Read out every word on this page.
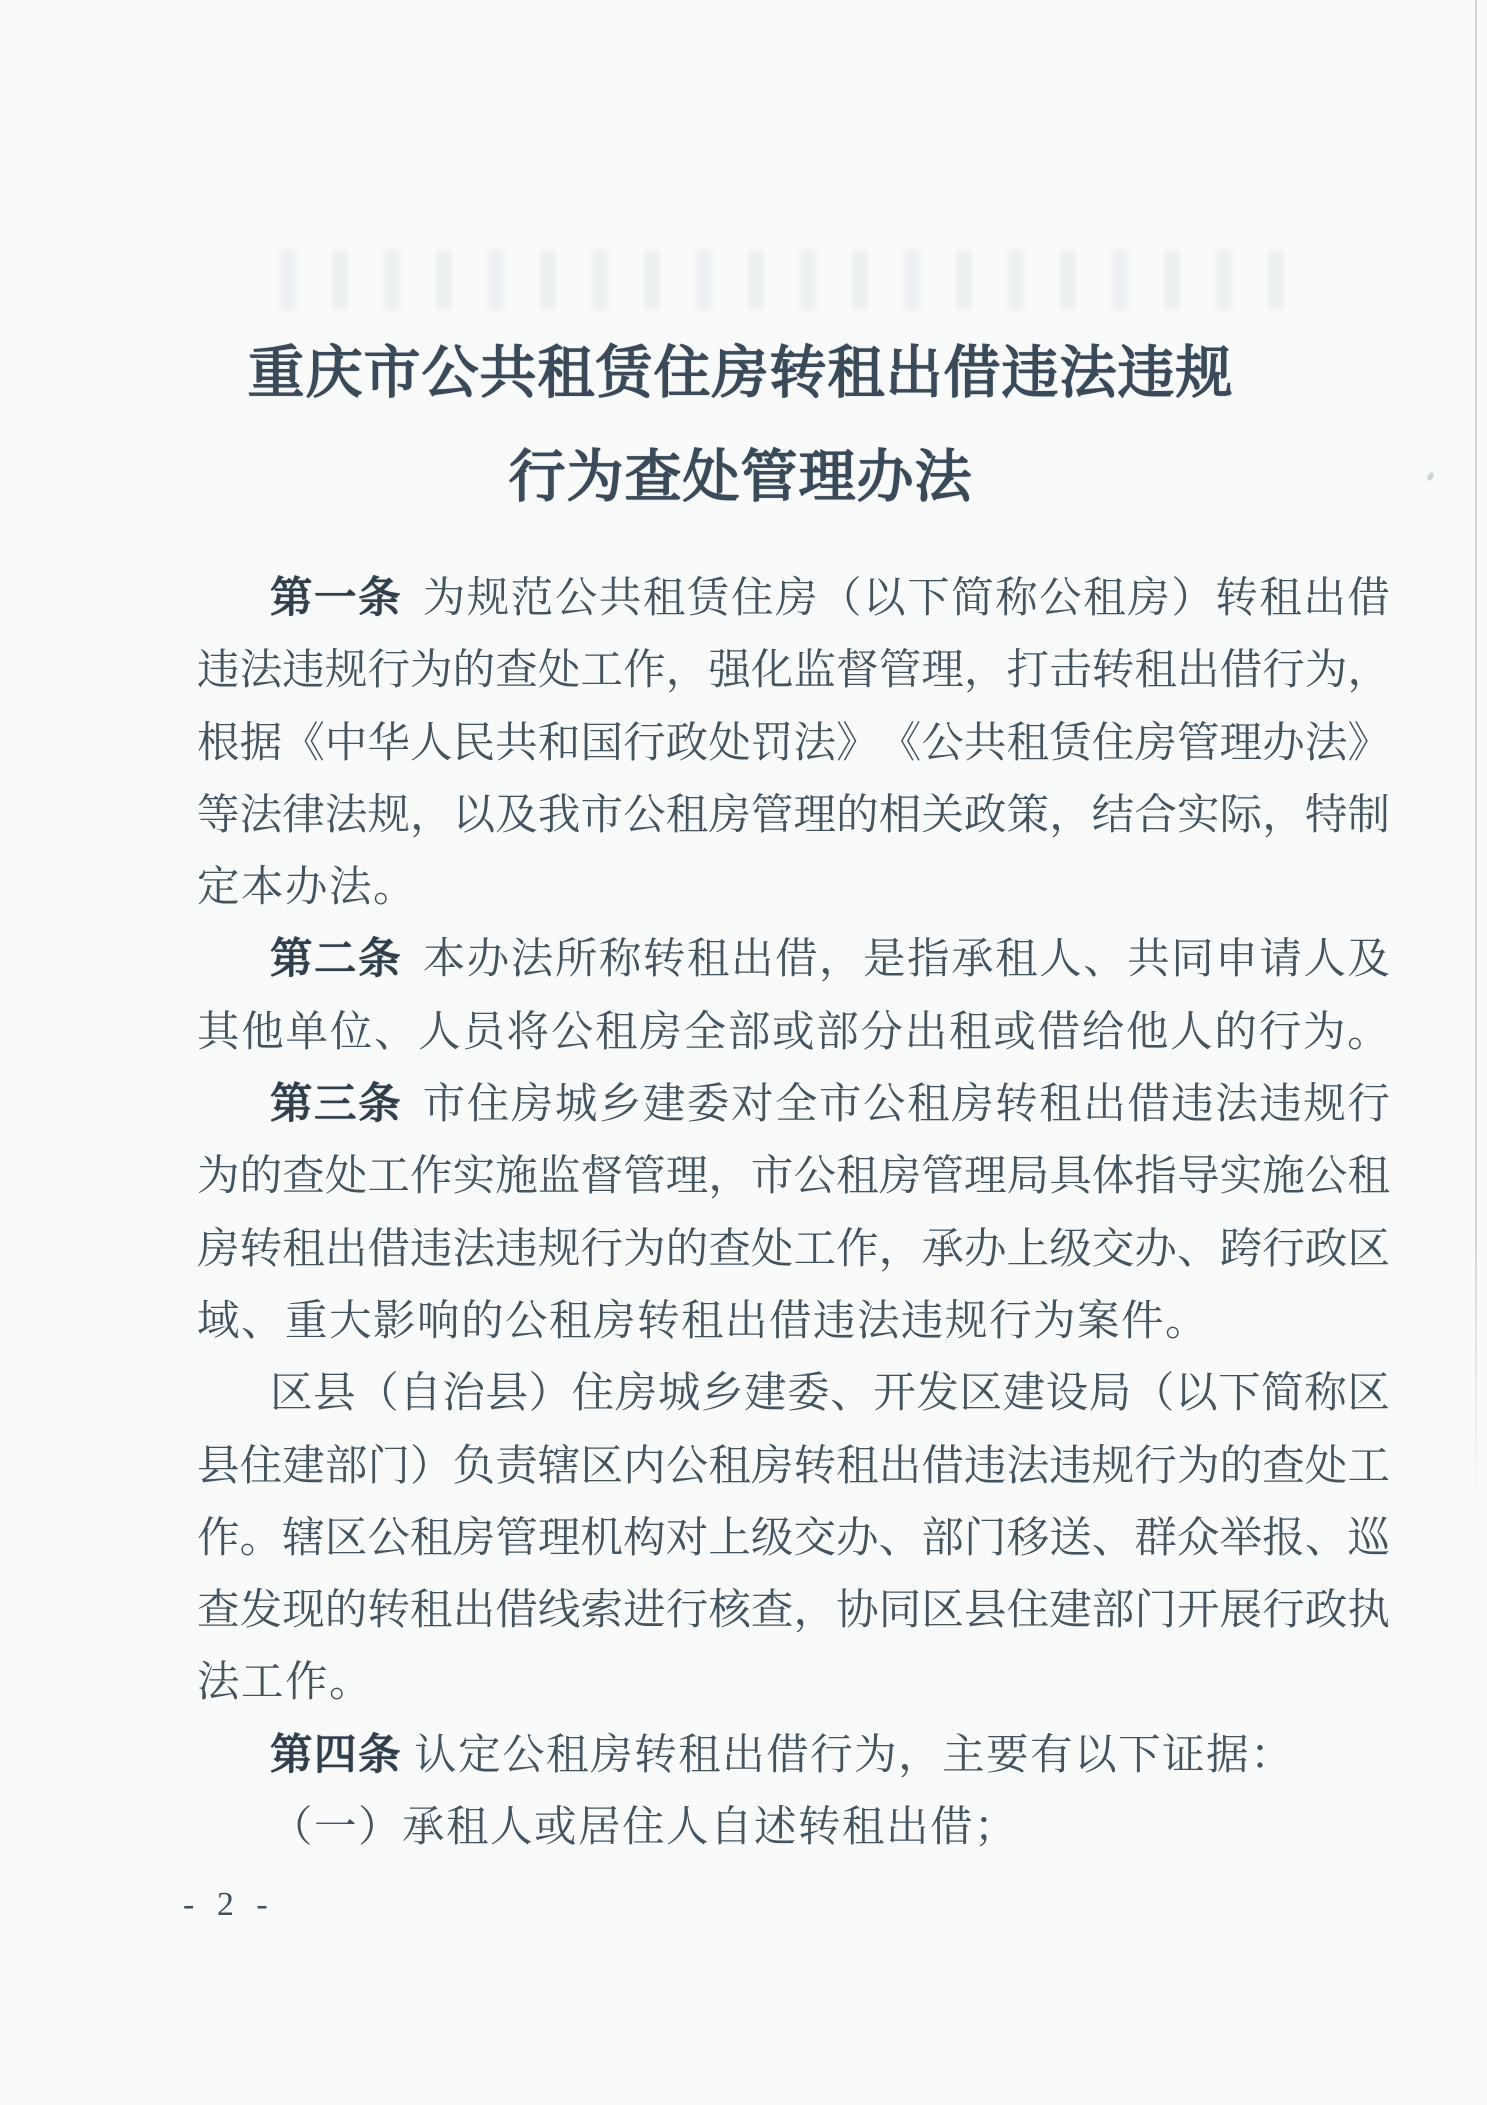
重庆市公共租赁住房转租出借违法违规
行为查处管理办法
第 一 条 为 规 范 公 共 租 赁 住 房 （ 以 下 简 称 公 租 房 ） 转 租 出 借
违 法 违 规 行 为 的 查 处 工 作 ， 强 化 监 督 管 理 ， 打 击 转 租 出 借 行 为 ，
根 据 《 中 华 人 民 共 和 国 行 政 处 罚 法 》 《 公 共 租 赁 住 房 管 理 办 法 》
等 法 律 法 规 ， 以 及 我 市 公 租 房 管 理 的 相 关 政 策 ， 结 合 实 际 ， 特 制
定本办法。
第 二 条 本 办 法 所 称 转 租 出 借 ， 是 指 承 租 人 、 共 同 申 请 人 及
其 他 单 位 、 人 员 将 公 租 房 全 部 或 部 分 出 租 或 借 给 他 人 的 行 为 。
第 三 条 市 住 房 城 乡 建 委 对 全 市 公 租 房 转 租 出 借 违 法 违 规 行
为 的 查 处 工 作 实 施 监 督 管 理 ， 市 公 租 房 管 理 局 具 体 指 导 实 施 公 租
房 转 租 出 借 违 法 违 规 行 为 的 查 处 工 作 ， 承 办 上 级 交 办 、 跨 行 政 区
域、重大影响的公租房转租出借违法违规行为案件。
区 县 （ 自 治 县 ） 住 房 城 乡 建 委 、 开 发 区 建 设 局 （ 以 下 简 称 区
县 住 建 部 门 ） 负 责 辖 区 内 公 租 房 转 租 出 借 违 法 违 规 行 为 的 查 处 工
作 。 辖 区 公 租 房 管 理 机 构 对 上 级 交 办 、 部 门 移 送 、 群 众 举 报 、 巡
查 发 现 的 转 租 出 借 线 索 进 行 核 查 ， 协 同 区 县 住 建 部 门 开 展 行 政 执
法工作。
第四条 认定公租房转租出借行为，主要有以下证据：
（一）承租人或居住人自述转租出借；
- 2 -
